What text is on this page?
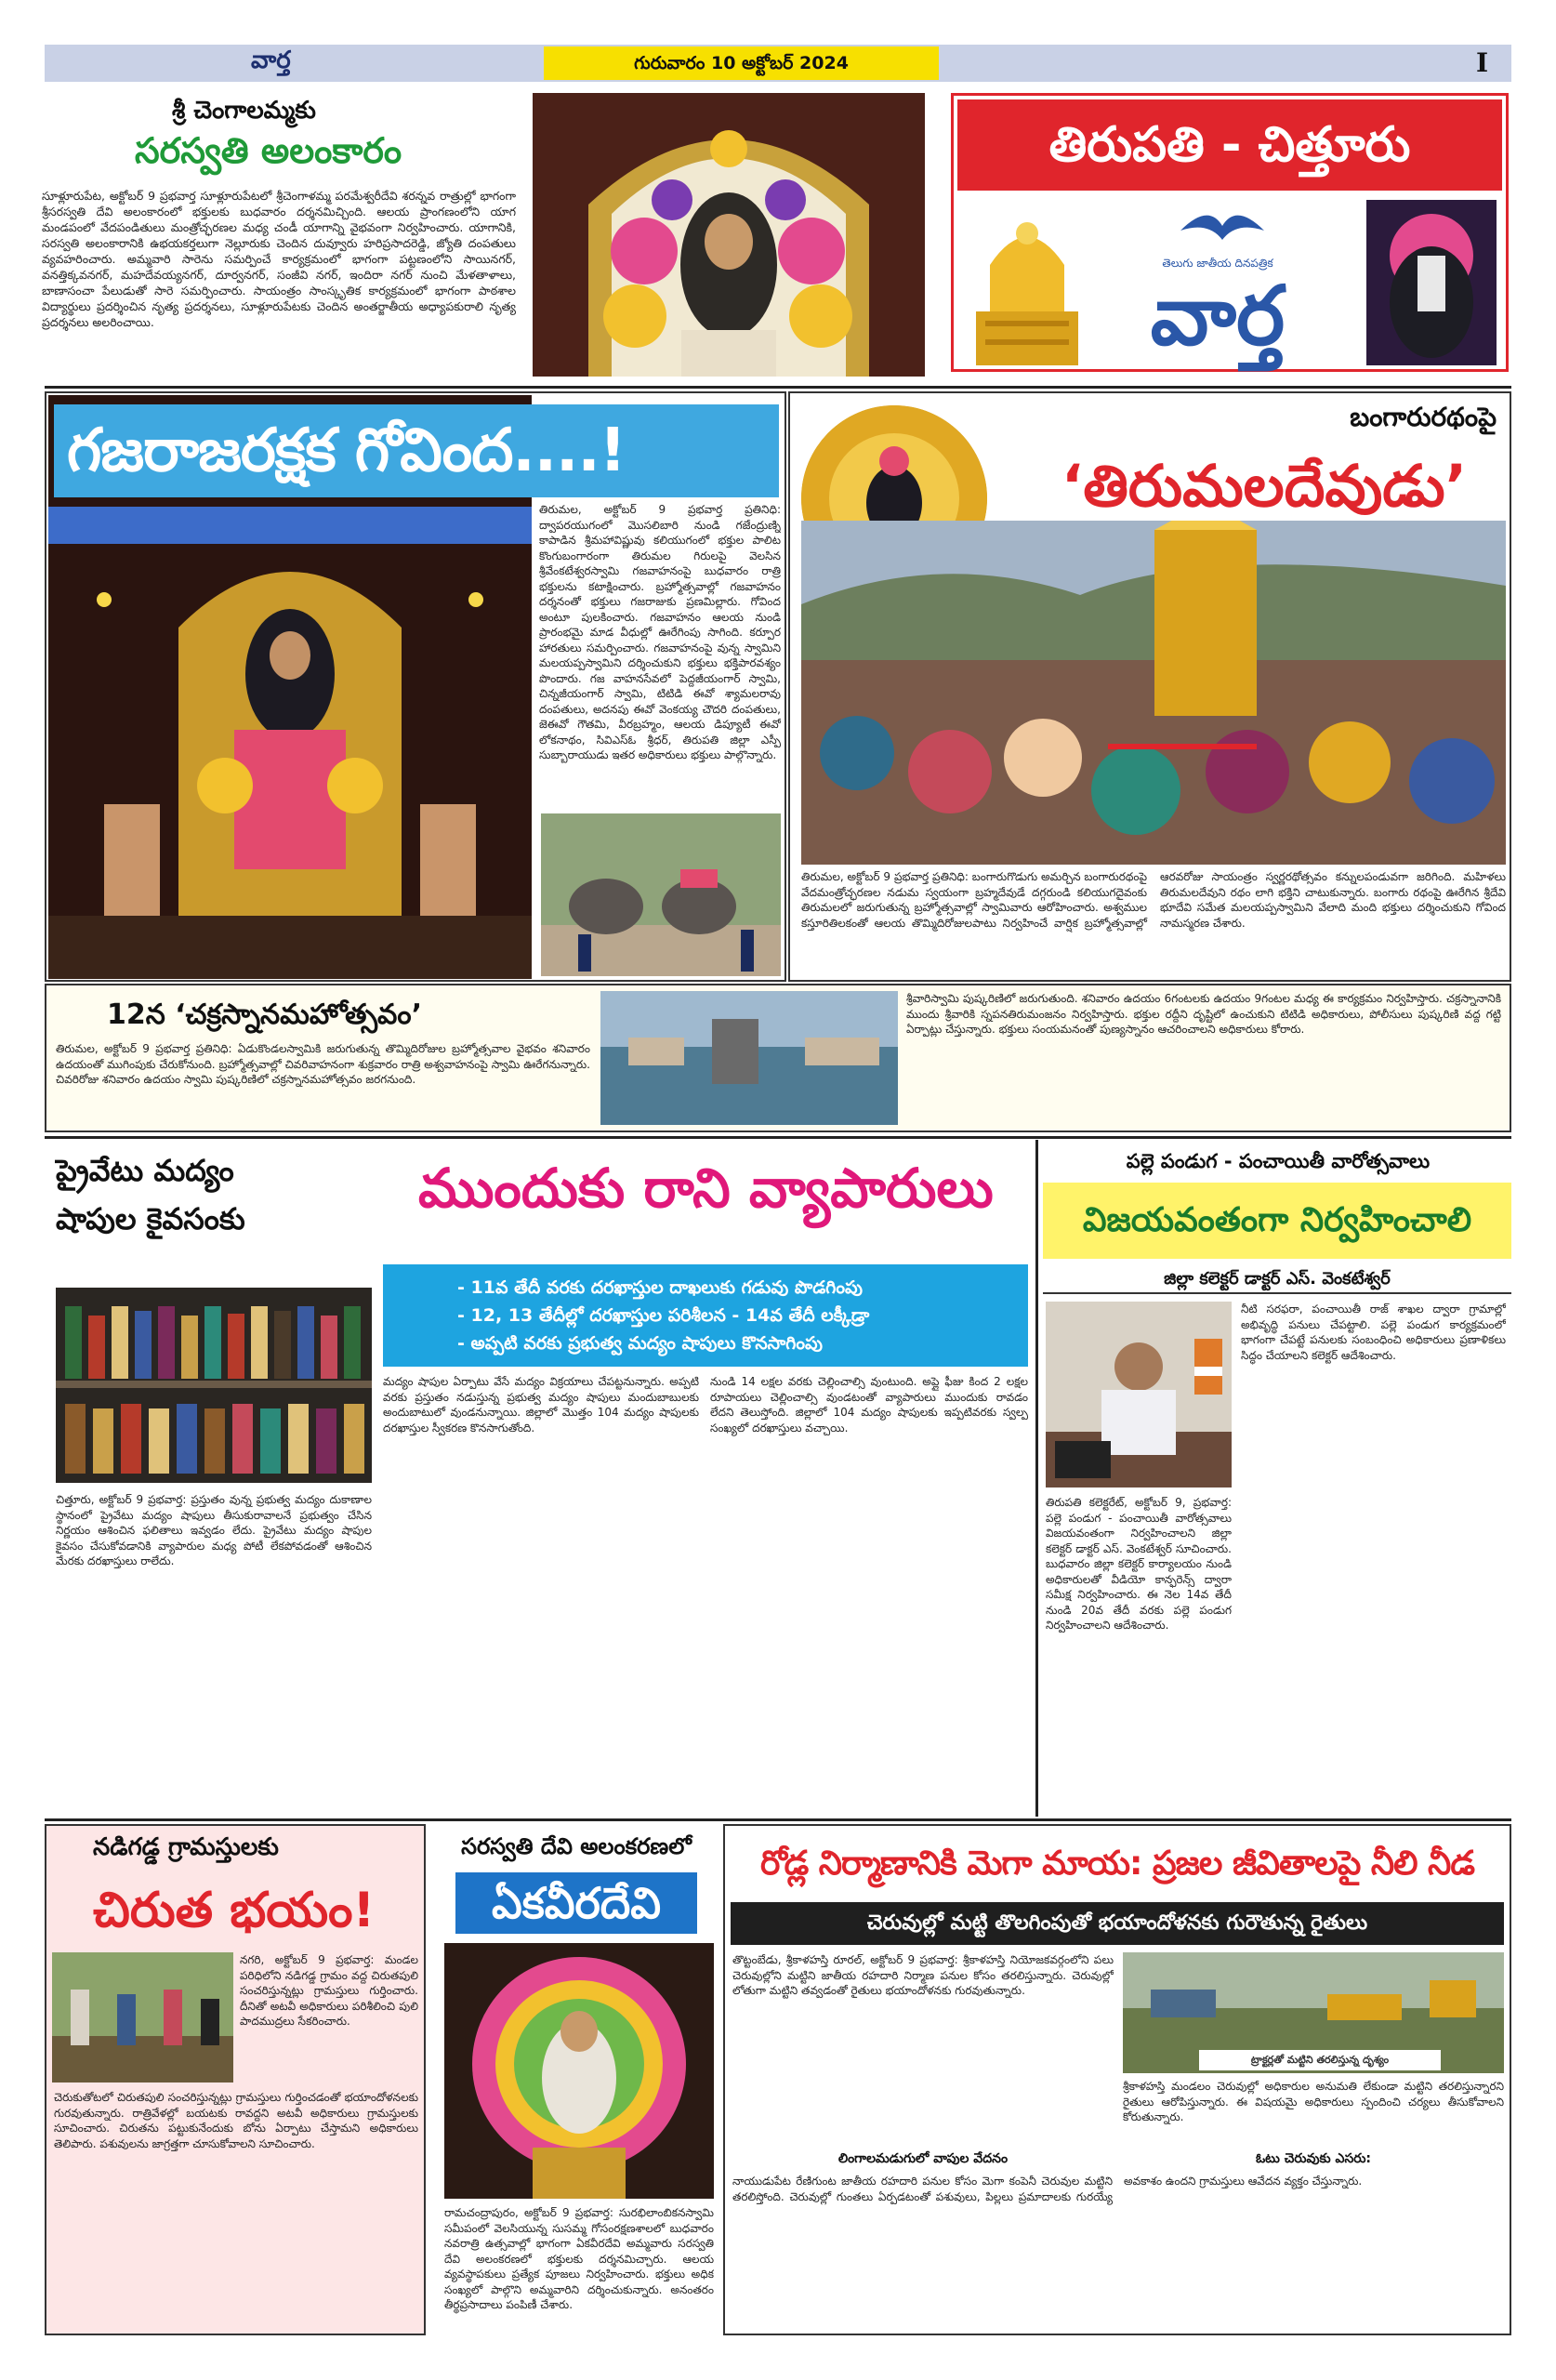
వార్త	గురువారం 10 అక్టోబర్ 2024	I
శ్రీ చెంగాలమ్మకు
సరస్వతి అలంకారం
సూళ్లూరుపేట, అక్టోబర్ 9 ప్రభవార్త సూళ్లూరుపేటలో శ్రీచెంగాళమ్మ పరమేశ్వరీదేవి శరన్నవ రాత్రుల్లో భాగంగా శ్రీసరస్వతి దేవి అలంకారంలో భక్తులకు బుధవారం దర్శనమిచ్చింది. ఆలయ ప్రాంగణంలోని యాగ మండపంలో వేదపండితులు మంత్రోచ్ఛరణల మధ్య చండీ యాగాన్ని వైభవంగా నిర్వహించారు. యాగానికి, సరస్వతి అలంకారానికి ఉభయకర్తలుగా నెల్లూరుకు చెందిన దువ్వూరు హరిప్రసాదరెడ్డి, జ్యోతి దంపతులు వ్యవహరించారు. అమ్మవారి సారెను సమర్పించే కార్యక్రమంలో భాగంగా పట్టణంలోని సాయినగర్, వనత్తిక్కవనగర్, మహదేవయ్యనగర్, దూర్వనగర్, సంజీవి నగర్, ఇందిరా నగర్ నుంచి మేళతాళాలు, బాణాసంచా పేలుడుతో సారె సమర్పించారు. సాయంత్రం సాంస్కృతిక కార్యక్రమంలో భాగంగా పాఠశాల విద్యార్థులు ప్రదర్శించిన నృత్య ప్రదర్శనలు, సూళ్లూరుపేటకు చెందిన అంతర్జాతీయ అధ్యాపకురాలి నృత్య ప్రదర్శనలు అలరించాయి.
తిరుపతి - చిత్తూరు
తెలుగు జాతీయ దినపత్రిక
వార్త
గజరాజరక్షక గోవింద....!
తిరుమల, అక్టోబర్ 9 ప్రభవార్త ప్రతినిధి: ద్వాపరయుగంలో మొసలిబారి నుండి గజేంద్రుణ్ని కాపాడిన శ్రీమహావిష్ణువు కలియుగంలో భక్తుల పాలిట కొంగుబంగారంగా తిరుమల గిరులపై వెలసిన శ్రీవేంకటేశ్వరస్వామి గజవాహనంపై బుధవారం రాత్రి భక్తులను కటాక్షించారు. బ్రహ్మోత్సవాల్లో గజవాహనం దర్శనంతో భక్తులు గజరాజుకు ప్రణమిల్లారు. గోవింద అంటూ పులకించారు. గజవాహనం ఆలయ నుండి ప్రారంభమై మాడ వీధుల్లో ఊరేగింపు సాగింది. కర్పూర హారతులు సమర్పించారు. గజవాహనంపై వున్న స్వామిని మలయప్పస్వామిని దర్శించుకుని భక్తులు భక్తిపారవశ్యం పొందారు. గజ వాహనసేవలో పెద్దజీయంగార్ స్వామి, చిన్నజీయంగార్ స్వామి, టిటిడి ఈవో శ్యామలరావు దంపతులు, అదనపు ఈవో వెంకయ్య చౌదరి దంపతులు, జెఈవో గౌతమి, వీరబ్రహ్మం, ఆలయ డిప్యూటీ ఈవో లోకనాథం, సివిఎస్‌ఓ శ్రీధర్, తిరుపతి జిల్లా ఎస్పీ సుబ్బారాయుడు ఇతర అధికారులు భక్తులు పాల్గొన్నారు.
బంగారురథంపై
‘తిరుమలదేవుడు’
తిరుమల, అక్టోబర్ 9 ప్రభవార్త ప్రతినిధి: బంగారుగొడుగు అమర్చిన బంగారురథంపై వేదమంత్రోచ్ఛరణల నడుమ స్వయంగా బ్రహ్మదేవుడే దగ్గరుండి కలియుగదైవంకు తిరుమలలో జరుగుతున్న బ్రహ్మోత్సవాల్లో స్వామివారు ఆరోహించారు. అశ్వముల కస్తూరితిలకంతో ఆలయ తొమ్మిదిరోజులపాటు నిర్వహించే వార్షిక బ్రహ్మోత్సవాల్లో ఆరవరోజు సాయంత్రం స్వర్ణరథోత్సవం కన్నులపండువగా జరిగింది. మహిళలు తిరుమలదేవుని రథం లాగి భక్తిని చాటుకున్నారు. బంగారు రథంపై ఊరేగిన శ్రీదేవి భూదేవి సమేత మలయప్పస్వామిని వేలాది మంది భక్తులు దర్శించుకుని గోవింద నామస్మరణ చేశారు.
12న ‘చక్రస్నానమహోత్సవం’
తిరుమల, అక్టోబర్ 9 ప్రభవార్త ప్రతినిధి: ఏడుకొండలస్వామికి జరుగుతున్న తొమ్మిదిరోజుల బ్రహ్మోత్సవాల వైభవం శనివారం ఉదయంతో ముగింపుకు చేరుకోనుంది. బ్రహ్మోత్సవాల్లో చివరివాహనంగా శుక్రవారం రాత్రి అశ్వవాహనంపై స్వామి ఊరేగనున్నారు. చివరిరోజు శనివారం ఉదయం స్వామి పుష్కరిణిలో చక్రస్నానమహోత్సవం జరగనుంది.
శ్రీవారిస్వామి పుష్కరిణిలో జరుగుతుంది. శనివారం ఉదయం 6గంటలకు ఉదయం 9గంటల మధ్య ఈ కార్యక్రమం నిర్వహిస్తారు. చక్రస్నానానికి ముందు శ్రీవారికి స్నపనతిరుమంజనం నిర్వహిస్తారు. భక్తుల రద్దీని దృష్టిలో ఉంచుకుని టిటిడి అధికారులు, పోలీసులు పుష్కరిణి వద్ద గట్టి ఏర్పాట్లు చేస్తున్నారు. భక్తులు సంయమనంతో పుణ్యస్నానం ఆచరించాలని అధికారులు కోరారు.
ప్రైవేటు మద్యం
షాపుల కైవసంకు	ముందుకు రాని వ్యాపారులు
- 11వ తేదీ వరకు దరఖాస్తుల దాఖలుకు గడువు పొడగింపు
- 12, 13 తేదీల్లో దరఖాస్తుల పరిశీలన - 14వ తేదీ లక్కీడ్రా
- అప్పటి వరకు ప్రభుత్వ మద్యం షాపులు కొనసాగింపు
చిత్తూరు, అక్టోబర్ 9 ప్రభవార్త: ప్రస్తుతం వున్న ప్రభుత్వ మద్యం దుకాణాల స్థానంలో ప్రైవేటు మద్యం షాపులు తీసుకురావాలనే ప్రభుత్వం చేసిన నిర్ణయం ఆశించిన ఫలితాలు ఇవ్వడం లేదు. ప్రైవేటు మద్యం షాపుల కైవసం చేసుకోవడానికి వ్యాపారుల మధ్య పోటీ లేకపోవడంతో ఆశించిన మేరకు దరఖాస్తులు రాలేదు.
మద్యం షాపుల ఏర్పాటు వేసే మద్యం విక్రయాలు చేపట్టనున్నారు. అప్పటి వరకు ప్రస్తుతం నడుస్తున్న ప్రభుత్వ మద్యం షాపులు మందుబాబులకు అందుబాటులో వుండనున్నాయి. జిల్లాలో మొత్తం 104 మద్యం షాపులకు దరఖాస్తుల స్వీకరణ కొనసాగుతోంది.
నుండి 14 లక్షల వరకు చెల్లించాల్సి వుంటుంది. అప్లై ఫీజు కింద 2 లక్షల రూపాయలు చెల్లించాల్సి వుండటంతో వ్యాపారులు ముందుకు రావడం లేదని తెలుస్తోంది. జిల్లాలో 104 మద్యం షాపులకు ఇప్పటివరకు స్వల్ప సంఖ్యలో దరఖాస్తులు వచ్చాయి.
పల్లె పండుగ - పంచాయితీ వారోత్సవాలు
విజయవంతంగా నిర్వహించాలి
జిల్లా కలెక్టర్ డాక్టర్ ఎస్. వెంకటేశ్వర్
నీటి సరఫరా, పంచాయితీ రాజ్ శాఖల ద్వారా గ్రామాల్లో అభివృద్ధి పనులు చేపట్టాలి. పల్లె పండుగ కార్యక్రమంలో భాగంగా చేపట్టే పనులకు సంబంధించి అధికారులు ప్రణాళికలు సిద్ధం చేయాలని కలెక్టర్ ఆదేశించారు.
తిరుపతి కలెక్టరేట్, అక్టోబర్ 9, ప్రభవార్త: పల్లె పండుగ - పంచాయితీ వారోత్సవాలు విజయవంతంగా నిర్వహించాలని జిల్లా కలెక్టర్ డాక్టర్ ఎస్. వెంకటేశ్వర్ సూచించారు. బుధవారం జిల్లా కలెక్టర్ కార్యాలయం నుండి అధికారులతో వీడియో కాన్ఫరెన్స్ ద్వారా సమీక్ష నిర్వహించారు. ఈ నెల 14వ తేదీ నుండి 20వ తేదీ వరకు పల్లె పండుగ నిర్వహించాలని ఆదేశించారు.
నడిగడ్డ గ్రామస్తులకు
చిరుత భయం!
నగరి, అక్టోబర్ 9 ప్రభవార్త: మండల పరిధిలోని నడిగడ్డ గ్రామం వద్ద చిరుతపులి సంచరిస్తున్నట్లు గ్రామస్తులు గుర్తించారు. దీనితో అటవీ అధికారులు పరిశీలించి పులి పాదముద్రలు సేకరించారు.
చెరుకుతోటలో చిరుతపులి సంచరిస్తున్నట్లు గ్రామస్తులు గుర్తించడంతో భయాందోళనలకు గురవుతున్నారు. రాత్రివేళల్లో బయటకు రావద్దని అటవీ అధికారులు గ్రామస్తులకు సూచించారు. చిరుతను పట్టుకునేందుకు బోను ఏర్పాటు చేస్తామని అధికారులు తెలిపారు. పశువులను జాగ్రత్తగా చూసుకోవాలని సూచించారు.
సరస్వతి దేవి అలంకరణలో
ఏకవీరదేవి
రామచంద్రాపురం, అక్టోబర్ 9 ప్రభవార్త: సురభిలాంబికనస్వామి సమీపంలో వెలసియున్న సుసమ్మ గోసంరక్షణశాలలో బుధవారం నవరాత్రి ఉత్సవాల్లో భాగంగా ఏకవీరదేవి అమ్మవారు సరస్వతి దేవి అలంకరణలో భక్తులకు దర్శనమిచ్చారు. ఆలయ వ్యవస్థాపకులు ప్రత్యేక పూజలు నిర్వహించారు. భక్తులు అధిక సంఖ్యలో పాల్గొని అమ్మవారిని దర్శించుకున్నారు. అనంతరం తీర్థప్రసాదాలు పంపిణీ చేశారు.
రోడ్ల నిర్మాణానికి మెగా మాయ: ప్రజల జీవితాలపై నీలి నీడ
చెరువుల్లో మట్టి తొలగింపుతో భయాందోళనకు గురౌతున్న రైతులు
తొట్టంబేడు, శ్రీకాళహస్తి రూరల్, అక్టోబర్ 9 ప్రభవార్త: శ్రీకాళహస్తి నియోజకవర్గంలోని పలు చెరువుల్లోని మట్టిని జాతీయ రహదారి నిర్మాణ పనుల కోసం తరలిస్తున్నారు. చెరువుల్లో లోతుగా మట్టిని తవ్వడంతో రైతులు భయాందోళనకు గురవుతున్నారు.
ట్రాక్టర్లతో మట్టిని తరలిస్తున్న దృశ్యం
శ్రీకాళహస్తి మండలం చెరువుల్లో అధికారుల అనుమతి లేకుండా మట్టిని తరలిస్తున్నారని రైతులు ఆరోపిస్తున్నారు. ఈ విషయమై అధికారులు స్పందించి చర్యలు తీసుకోవాలని కోరుతున్నారు.
లింగాలమడుగులో వాపుల వేదనం	ఓటు చెరువుకు ఎసరు:
నాయుడుపేట రేణిగుంట జాతీయ రహదారి పనుల కోసం మెగా కంపెనీ చెరువుల మట్టిని తరలిస్తోంది. చెరువుల్లో గుంతలు ఏర్పడటంతో పశువులు, పిల్లలు ప్రమాదాలకు గురయ్యే అవకాశం ఉందని గ్రామస్తులు ఆవేదన వ్యక్తం చేస్తున్నారు.
